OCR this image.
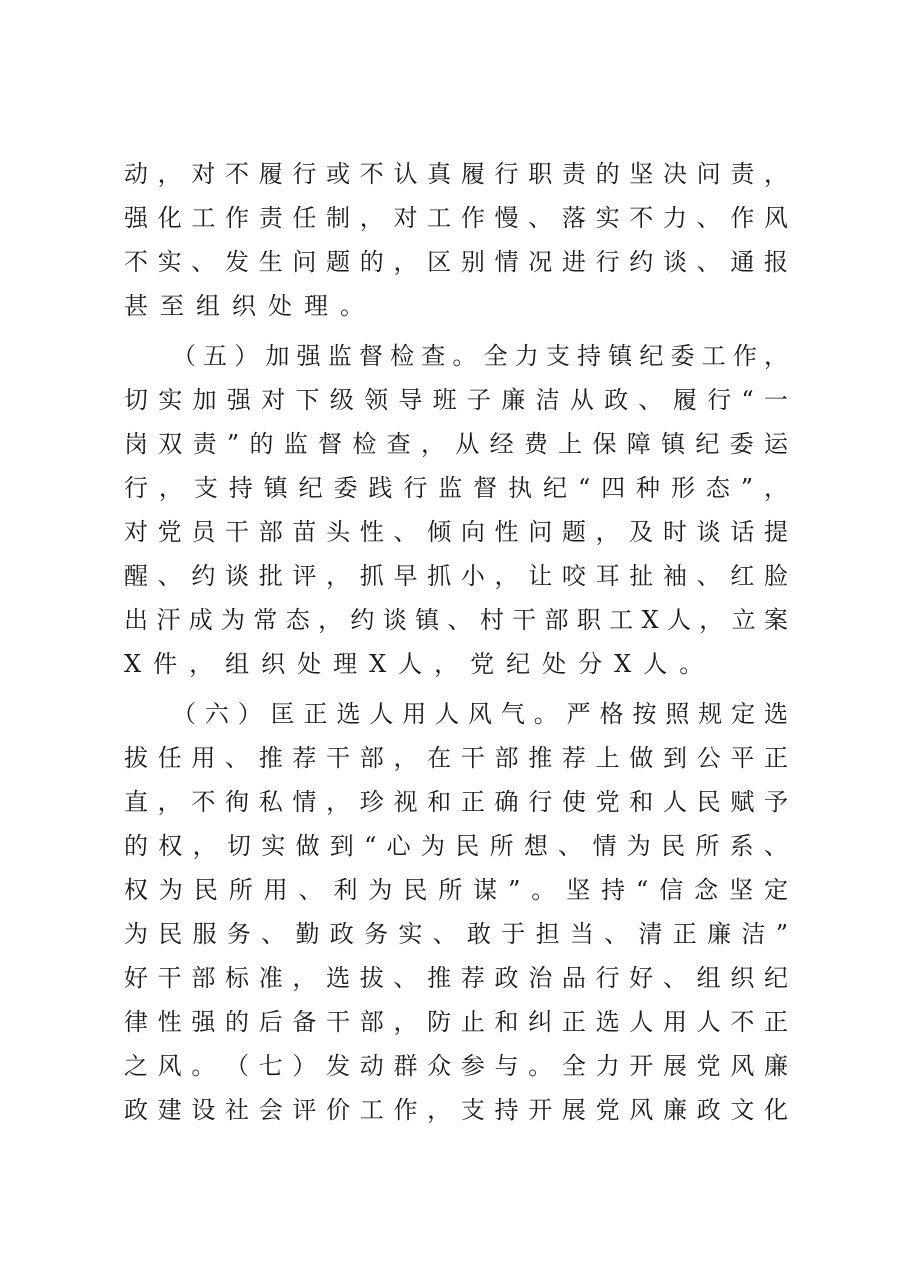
动​，​对​不​履​行​或​不​认​真​履​行​职​责​的​坚​决​问​责​，
强​化​工​作​责​任​制​，​对​工​作​慢​、​落​实​不​力​、​作​风
不​实​、​发​生​问​题​的​，​区​别​情​况​进​行​约​谈​、​通​报
甚至组织处理。
（​五​）​加​强​监​督​检​查​。​全​力​支​持​镇​纪​委​工​作​，
切​实​加​强​对​下​级​领​导​班​子​廉​洁​从​政​、​履​行​“​一
岗​双​责​”​的​监​督​检​查​，​从​经​费​上​保​障​镇​纪​委​运
行​，​支​持​镇​纪​委​践​行​监​督​执​纪​“​四​种​形​态​”​，
对​党​员​干​部​苗​头​性​、​倾​向​性​问​题​，​及​时​谈​话​提
醒​、​约​谈​批​评​，​抓​早​抓​小​，​让​咬​耳​扯​袖​、​红​脸
出​汗​成​为​常​态​，​约​谈​镇​、​村​干​部​职​工​X​人​，​立​案
X件，组织处理X人，党纪处分X人。
（​六​）​匡​正​选​人​用​人​风​气​。​严​格​按​照​规​定​选
拔​任​用​、​推​荐​干​部​，​在​干​部​推​荐​上​做​到​公​平​正
直​，​不​徇​私​情​，​珍​视​和​正​确​行​使​党​和​人​民​赋​予
的​权​，​切​实​做​到​“​心​为​民​所​想​、​情​为​民​所​系​、
权​为​民​所​用​、​利​为​民​所​谋​”​。​坚​持​“​信​念​坚​定
为​民​服​务​、​勤​政​务​实​、​敢​于​担​当​、​清​正​廉​洁​”
好​干​部​标​准​，​选​拔​、​推​荐​政​治​品​行​好​、​组​织​纪
律​性​强​的​后​备​干​部​，​防​止​和​纠​正​选​人​用​人​不​正
之​风​。​（​七​）​发​动​群​众​参​与​。​全​力​开​展​党​风​廉
政​建​设​社​会​评​价​工​作​，​支​持​开​展​党​风​廉​政​文​化
